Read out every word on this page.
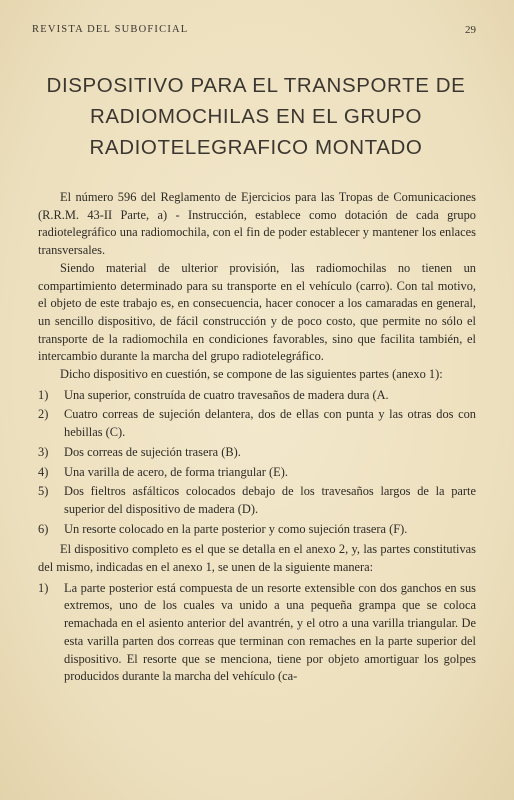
REVISTA DEL SUBOFICIAL	29
DISPOSITIVO PARA EL TRANSPORTE DE
RADIOMOCHILAS EN EL GRUPO
RADIOTELEGRAFICO MONTADO

El número 596 del Reglamento de Ejercicios para las Tropas de Comunicaciones (R.R.M. 43-II Parte, a) - Instrucción, establece como dotación de cada grupo radiotelegráfico una radiomochila, con el fin de poder establecer y mantener los enlaces transversales.

Siendo material de ulterior provisión, las radiomochilas no tienen un compartimiento determinado para su transporte en el vehículo (carro). Con tal motivo, el objeto de este trabajo es, en consecuencia, hacer conocer a los camaradas en general, un sencillo dispositivo, de fácil construcción y de poco costo, que permite no sólo el transporte de la radiomochila en condiciones favorables, sino que facilita también, el intercambio durante la marcha del grupo radiotelegráfico.

Dicho dispositivo en cuestión, se compone de las siguientes partes (anexo 1):

1) Una superior, construída de cuatro travesaños de madera dura (A.
2) Cuatro correas de sujeción delantera, dos de ellas con punta y las otras dos con hebillas (C).
3) Dos correas de sujeción trasera (B).
4) Una varilla de acero, de forma triangular (E).
5) Dos fieltros asfálticos colocados debajo de los travesaños largos de la parte superior del dispositivo de madera (D).
6) Un resorte colocado en la parte posterior y como sujeción trasera (F).

El dispositivo completo es el que se detalla en el anexo 2, y, las partes constitutivas del mismo, indicadas en el anexo 1, se unen de la siguiente manera:

1) La parte posterior está compuesta de un resorte extensible con dos ganchos en sus extremos, uno de los cuales va unido a una pequeña grampa que se coloca remachada en el asiento anterior del avantrén, y el otro a una varilla triangular. De esta varilla parten dos correas que terminan con remaches en la parte superior del dispositivo. El resorte que se menciona, tiene por objeto amortiguar los golpes producidos durante la marcha del vehículo (ca-
